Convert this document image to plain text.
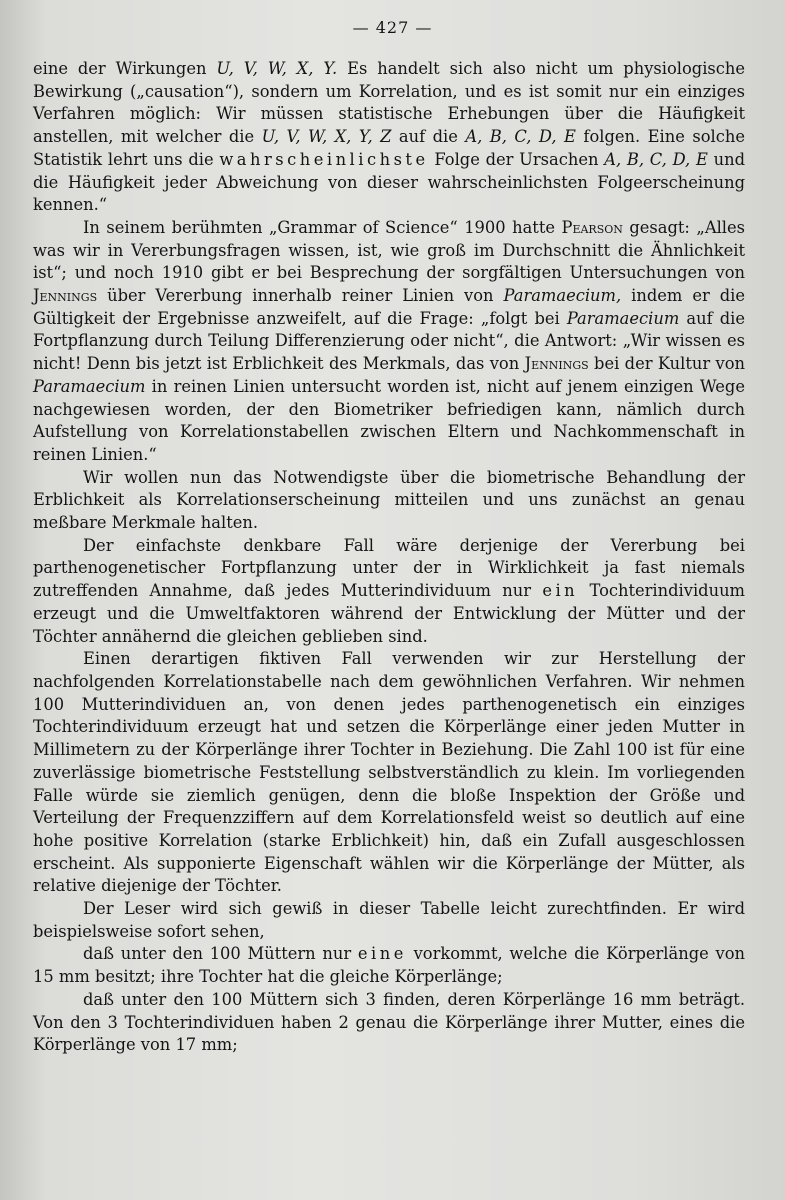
— 427 —

eine der Wirkungen U, V, W, X, Y. Es handelt sich also nicht um physiologische Bewirkung („causation“), sondern um Korrelation, und es ist somit nur ein einziges Verfahren möglich: Wir müssen statistische Erhebungen über die Häufigkeit anstellen, mit welcher die U, V, W, X, Y, Z auf die A, B, C, D, E folgen. Eine solche Statistik lehrt uns die wahrscheinlichste Folge der Ursachen A, B, C, D, E und die Häufigkeit jeder Abweichung von dieser wahrscheinlichsten Folgeerscheinung kennen.“

In seinem berühmten „Grammar of Science“ 1900 hatte Pearson gesagt: „Alles was wir in Vererbungsfragen wissen, ist, wie groß im Durchschnitt die Ähnlichkeit ist“; und noch 1910 gibt er bei Besprechung der sorgfältigen Untersuchungen von Jennings über Vererbung innerhalb reiner Linien von Paramaecium, indem er die Gültigkeit der Ergebnisse anzweifelt, auf die Frage: „folgt bei Paramaecium auf die Fortpflanzung durch Teilung Differenzierung oder nicht“, die Antwort: „Wir wissen es nicht! Denn bis jetzt ist Erblichkeit des Merkmals, das von Jennings bei der Kultur von Paramaecium in reinen Linien untersucht worden ist, nicht auf jenem einzigen Wege nachgewiesen worden, der den Biometriker befriedigen kann, nämlich durch Aufstellung von Korrelationstabellen zwischen Eltern und Nachkommenschaft in reinen Linien.“

Wir wollen nun das Notwendigste über die biometrische Behandlung der Erblichkeit als Korrelationserscheinung mitteilen und uns zunächst an genau meßbare Merkmale halten.

Der einfachste denkbare Fall wäre derjenige der Vererbung bei parthenogenetischer Fortpflanzung unter der in Wirklichkeit ja fast niemals zutreffenden Annahme, daß jedes Mutterindividuum nur ein Tochterindividuum erzeugt und die Umweltfaktoren während der Entwicklung der Mütter und der Töchter annähernd die gleichen geblieben sind.

Einen derartigen fiktiven Fall verwenden wir zur Herstellung der nachfolgenden Korrelationstabelle nach dem gewöhnlichen Verfahren. Wir nehmen 100 Mutterindividuen an, von denen jedes parthenogenetisch ein einziges Tochterindividuum erzeugt hat und setzen die Körperlänge einer jeden Mutter in Millimetern zu der Körperlänge ihrer Tochter in Beziehung. Die Zahl 100 ist für eine zuverlässige biometrische Feststellung selbstverständlich zu klein. Im vorliegenden Falle würde sie ziemlich genügen, denn die bloße Inspektion der Größe und Verteilung der Frequenzziffern auf dem Korrelationsfeld weist so deutlich auf eine hohe positive Korrelation (starke Erblichkeit) hin, daß ein Zufall ausgeschlossen erscheint. Als supponierte Eigenschaft wählen wir die Körperlänge der Mütter, als relative diejenige der Töchter.

Der Leser wird sich gewiß in dieser Tabelle leicht zurechtfinden. Er wird beispielsweise sofort sehen,

daß unter den 100 Müttern nur eine vorkommt, welche die Körperlänge von 15 mm besitzt; ihre Tochter hat die gleiche Körperlänge;

daß unter den 100 Müttern sich 3 finden, deren Körperlänge 16 mm beträgt. Von den 3 Tochterindividuen haben 2 genau die Körperlänge ihrer Mutter, eines die Körperlänge von 17 mm;
